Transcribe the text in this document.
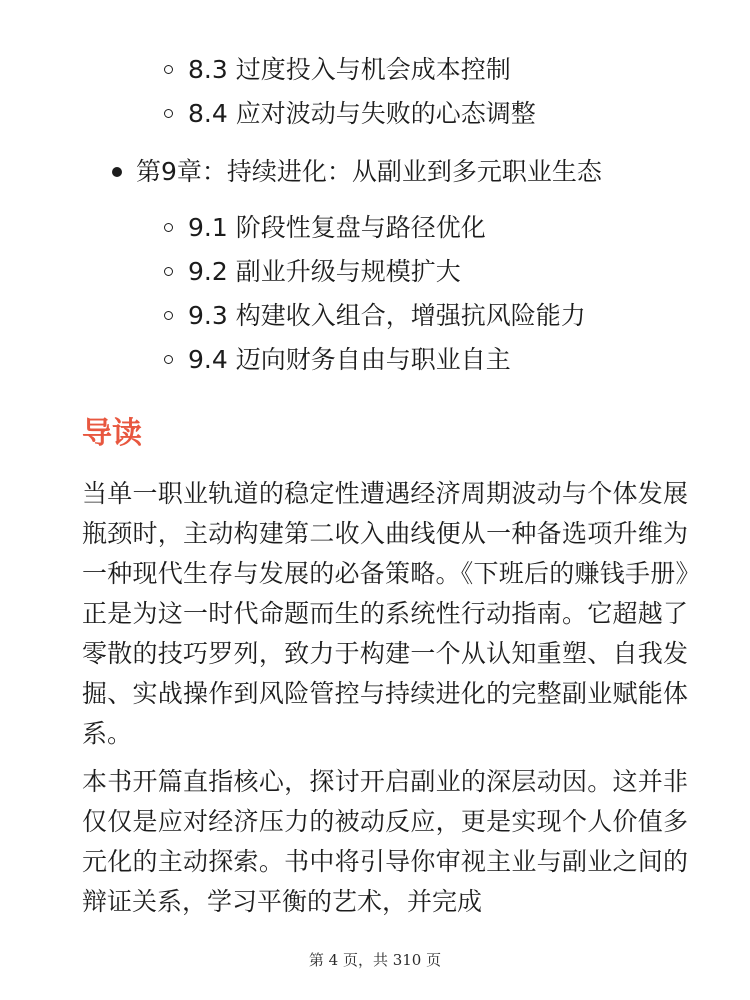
8.3 过度投入与机会成本控制
8.4 应对波动与失败的心态调整
第9章：持续进化：从副业到多元职业生态
9.1 阶段性复盘与路径优化
9.2 副业升级与规模扩大
9.3 构建收入组合，增强抗风险能力
9.4 迈向财务自由与职业自主
导读

当单一职业轨道的稳定性遭遇经济周期波动与个体发展瓶颈时，主动构建第二收入曲线便从一种备选项升维为一种现代生存与发展的必备策略。《下班后的赚钱手册》正是为这一时代命题而生的系统性行动指南。它超越了零散的技巧罗列，致力于构建一个从认知重塑、自我发掘、实战操作到风险管控与持续进化的完整副业赋能体系。

本书开篇直指核心，探讨开启副业的深层动因。这并非仅仅是应对经济压力的被动反应，更是实现个人价值多元化的主动探索。书中将引导你审视主业与副业之间的辩证关系，学习平衡的艺术，并完成

第 4 页，共 310 页
